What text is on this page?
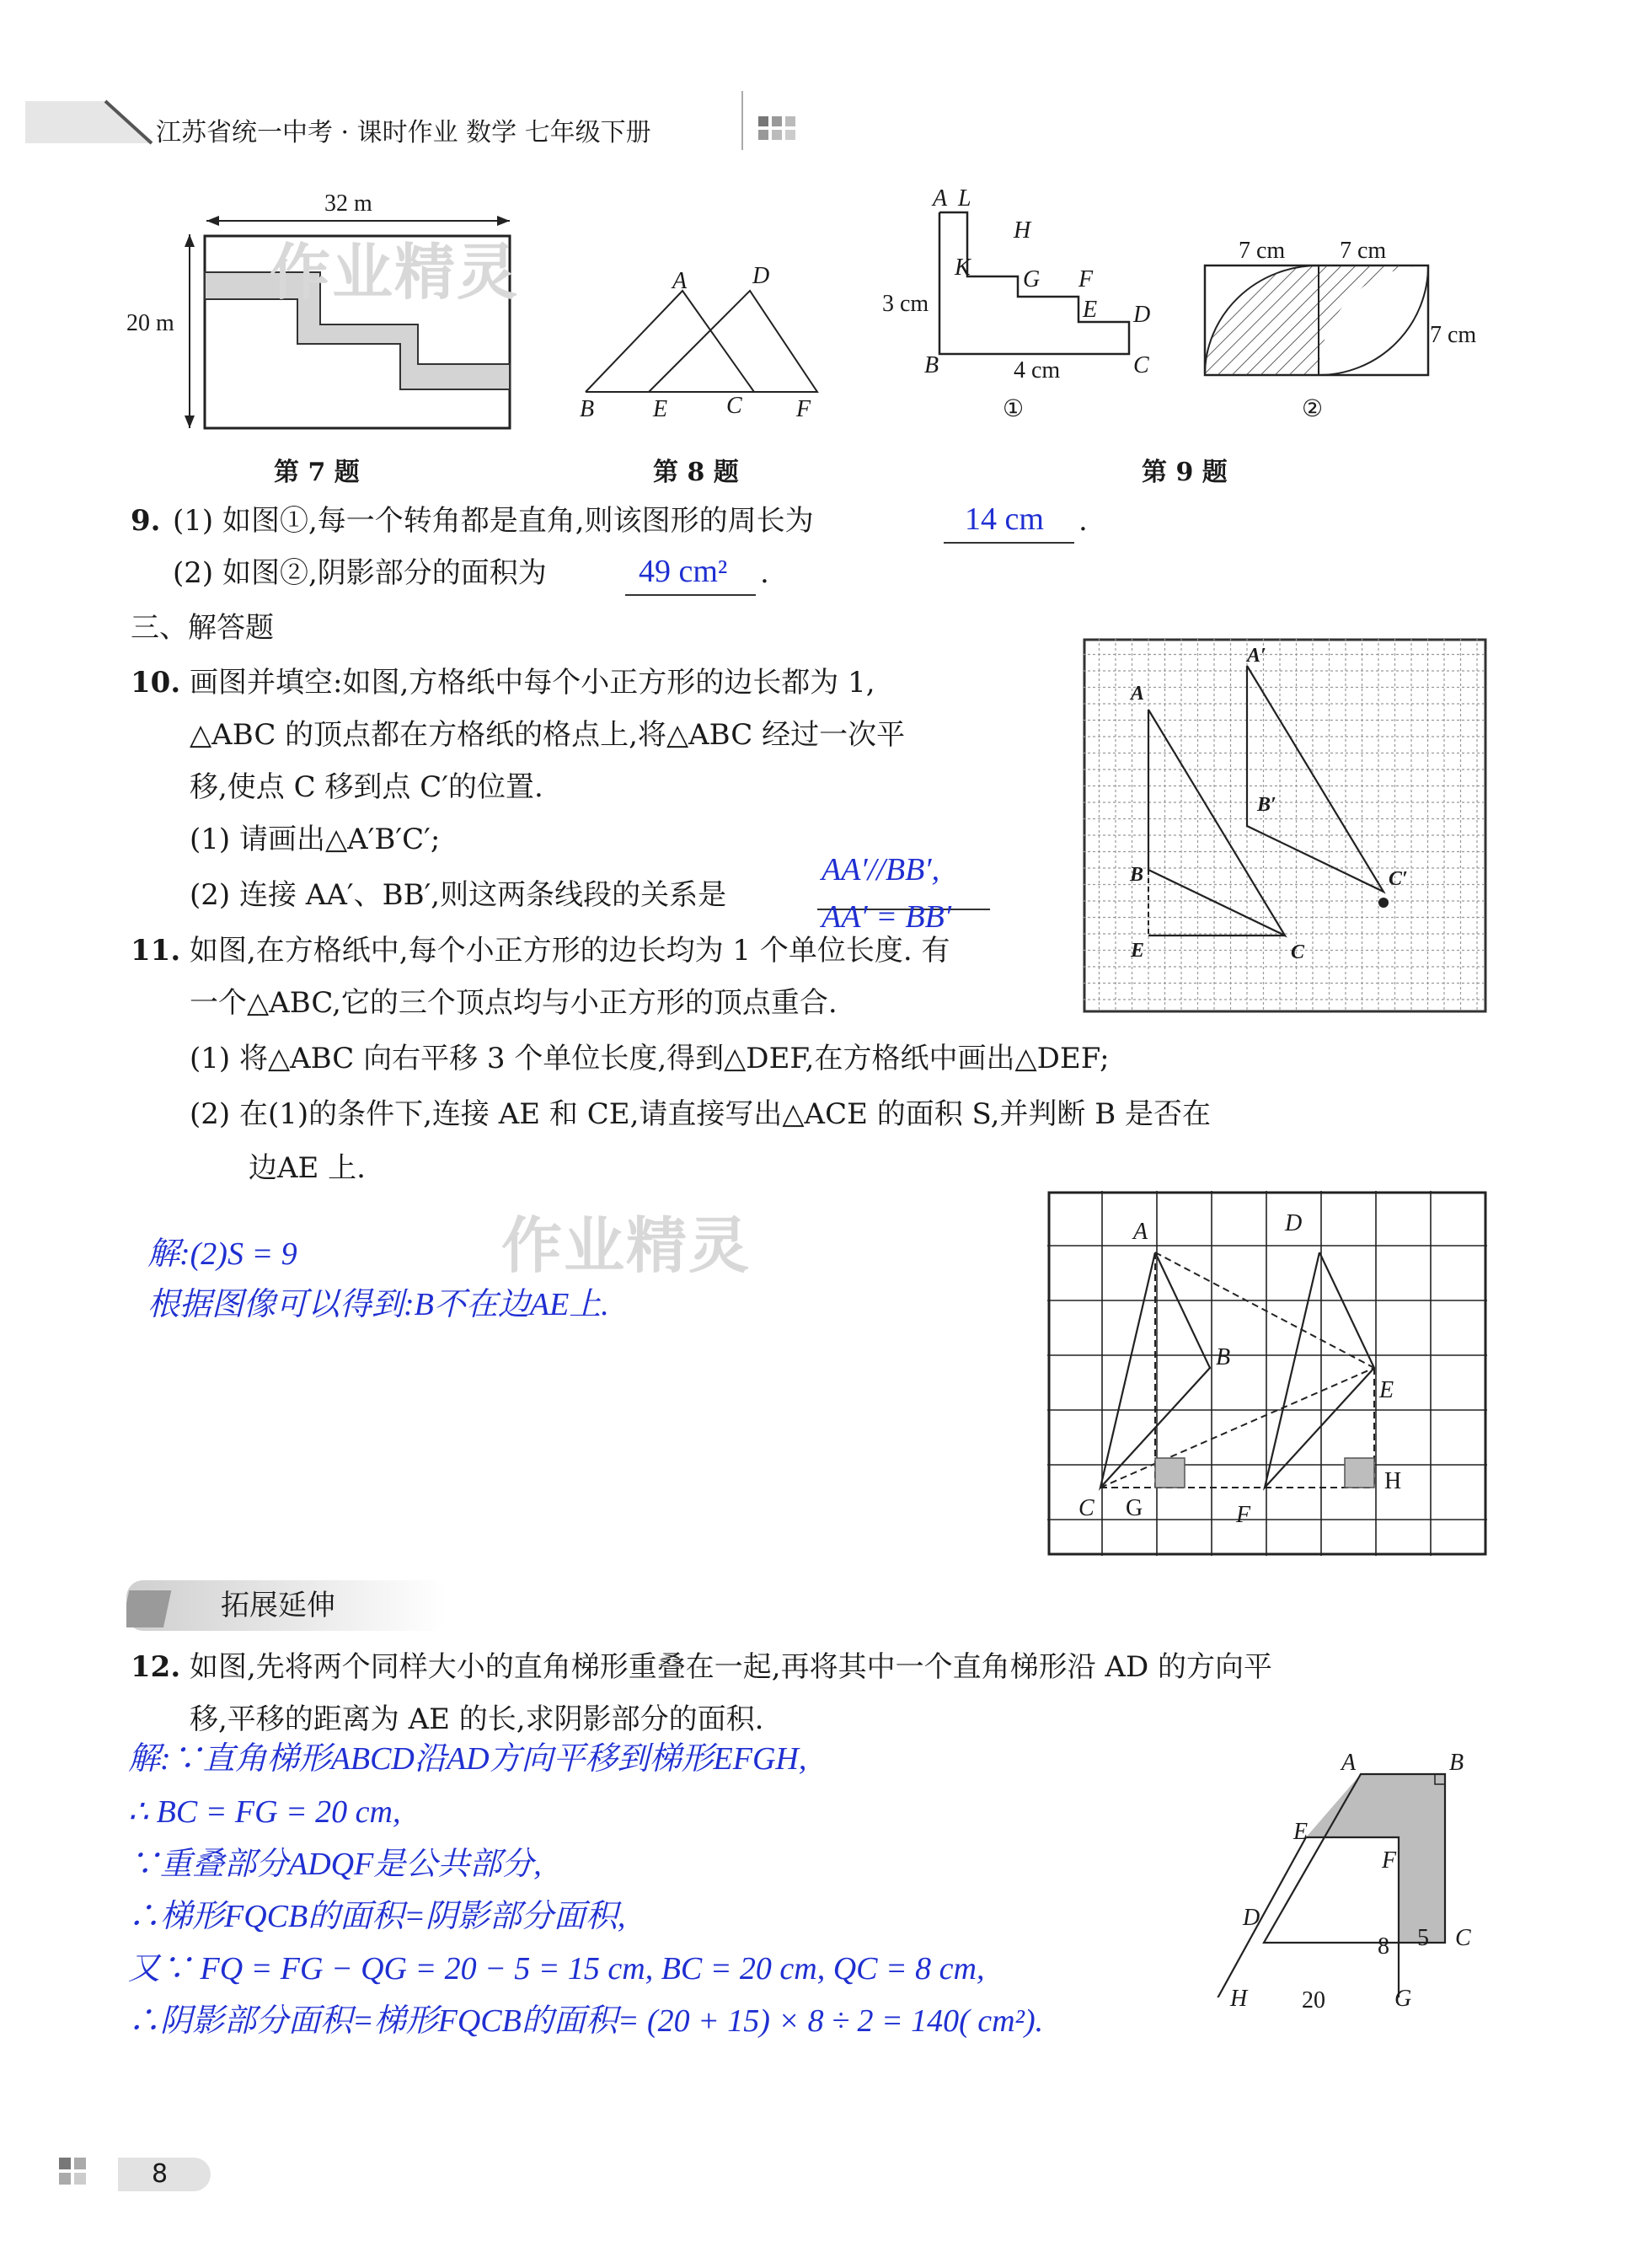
江苏省统一中考 · 课时作业 数学 七年级下册
32 m
20 m
作业精灵
第 7 题
A	D
B E C F
第 8 题
A L
H
K G F
E D
B	C
3 cm
4 cm
①
7 cm 7 cm
7 cm
②
第 9 题
9. (1) 如图①,每一个转角都是直角,则该图形的周长为	14 cm .
(2) 如图②,阴影部分的面积为	49 cm² .
三、解答题
10. 画图并填空:如图,方格纸中每个小正方形的边长都为 1,
△ABC 的顶点都在方格纸的格点上,将△ABC 经过一次平
移,使点 C 移到点 C′的位置.
(1) 请画出△A′B′C′;
(2) 连接 AA′、BB′,则这两条线段的关系是
AA′//BB′,
AA′ = BB′
A
A′
B′
B	C′
E	C
11. 如图,在方格纸中,每个小正方形的边长均为 1 个单位长度. 有
一个△ABC,它的三个顶点均与小正方形的顶点重合.
(1) 将△ABC 向右平移 3 个单位长度,得到△DEF,在方格纸中画出△DEF;
(2) 在(1)的条件下,连接 AE 和 CE,请直接写出△ACE 的面积 S,并判断 B 是否在
边AE 上.
作业精灵
解:(2)S = 9
根据图像可以得到:B不在边AE上.
A	D
B
E
H
C G	F
拓展延伸
12. 如图,先将两个同样大小的直角梯形重叠在一起,再将其中一个直角梯形沿 AD 的方向平
移,平移的距离为 AE 的长,求阴影部分的面积.
解:∵直角梯形ABCD沿AD方向平移到梯形EFGH,
∴ BC = FG = 20 cm,
∵重叠部分ADQF是公共部分,
∴梯形FQCB的面积=阴影部分面积,
又∵ FQ = FG − QG = 20 − 5 = 15 cm, BC = 20 cm, QC = 8 cm,
∴阴影部分面积=梯形FQCB的面积= (20 + 15) × 8 ÷ 2 = 140( cm²).
A	B
E
F
D
C
8 5
H 20	G
8
